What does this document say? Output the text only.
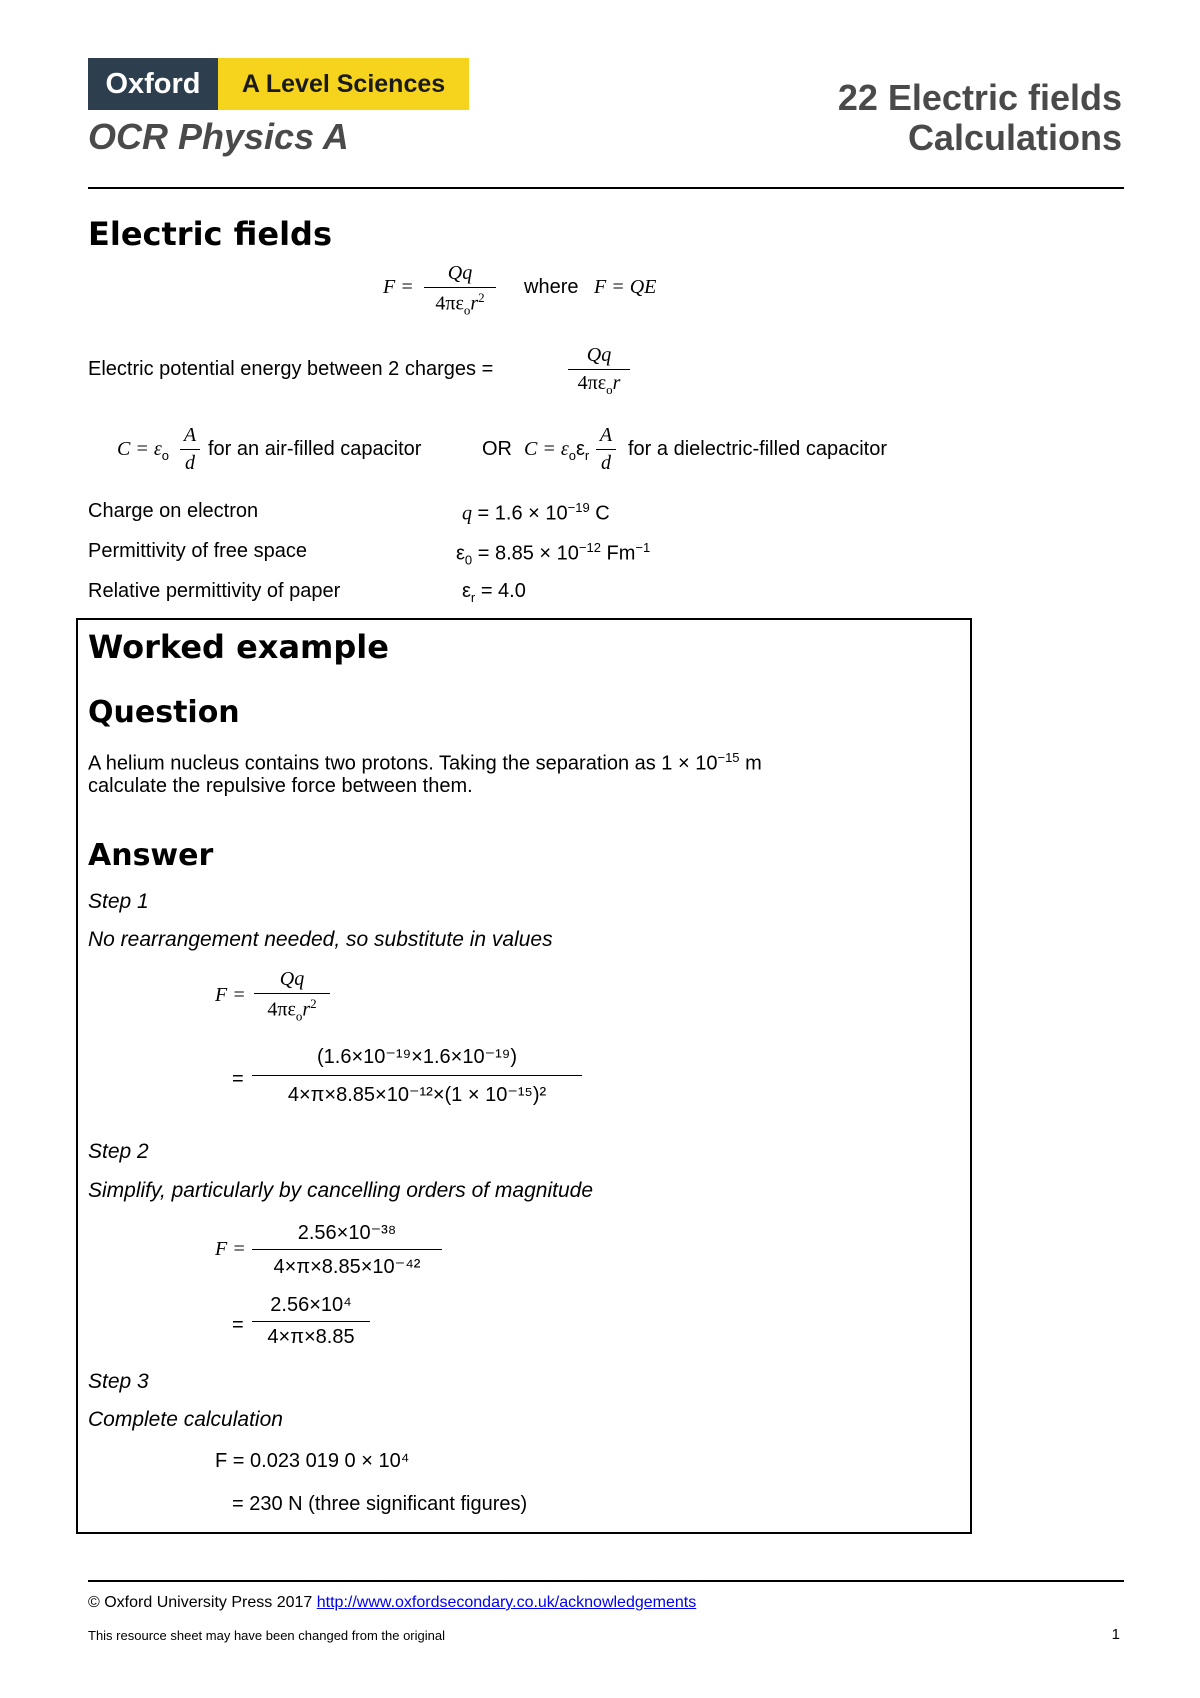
Oxford	A Level Sciences
OCR Physics A
22 Electric fields
Calculations
Electric fields
F =
Qq
$4\pi\varepsilon_or^2$	where F = QE
Electric potential energy between 2 charges =
Qq
$4\pi\varepsilon_or$
$C = \varepsilon_o$
A
d
for an air-filled capacitor	OR $C = \varepsilon_o\varepsilon_r$
A
d
for a dielectric-filled capacitor
Charge on electron	$q = 1.6 \times 10^{-19}$ C
Permittivity of free space	$\varepsilon_0 = 8.85 \times 10^{-12}$ $Fm^{-1}$
Relative permittivity of paper	$\varepsilon_r = 4.0$
Worked example
Question
A helium nucleus contains two protons. Taking the separation as $1 \times 10^{-15}$ m
calculate the repulsive force between them.
Answer
Step 1
No rearrangement needed, so substitute in values
F =
Qq
$4\pi\varepsilon_or^2$
=
(1.6×10⁻¹⁹×1.6×10⁻¹⁹)
4×π×8.85×10⁻¹²×(1 × 10⁻¹⁵)²
Step 2
Simplify, particularly by cancelling orders of magnitude
F =
2.56×10⁻³⁸
4×π×8.85×10⁻⁴²
=
2.56×10⁴
4×π×8.85
Step 3
Complete calculation
F = 0.023 019 0 × 10⁴
= 230 N (three significant figures)
© Oxford University Press 2017 http://www.oxfordsecondary.co.uk/acknowledgements
This resource sheet may have been changed from the original	1
